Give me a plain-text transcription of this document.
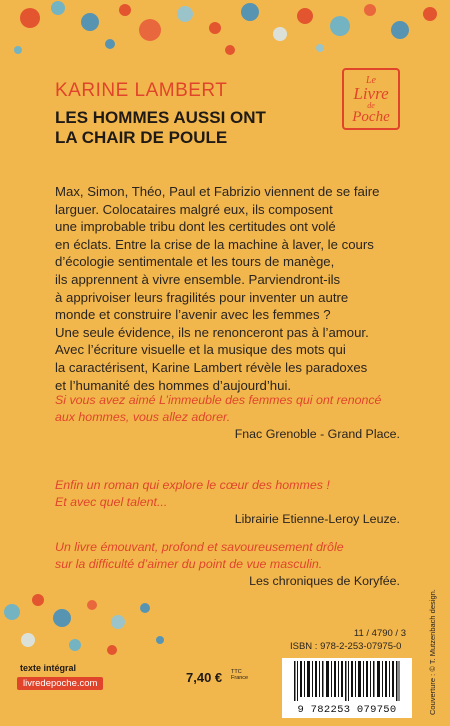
KARINE LAMBERT
LES HOMMES AUSSI ONT
LA CHAIR DE POULE
Le
Livre
de
Poche
Max, Simon, Théo, Paul et Fabrizio viennent de se faire
larguer. Colocataires malgré eux, ils composent
une improbable tribu dont les certitudes ont volé
en éclats. Entre la crise de la machine à laver, le cours
d’écologie sentimentale et les tours de manège,
ils apprennent à vivre ensemble. Parviendront-ils
à apprivoiser leurs fragilités pour inventer un autre
monde et construire l’avenir avec les femmes ?
Une seule évidence, ils ne renonceront pas à l’amour.
Avec l’écriture visuelle et la musique des mots qui
la caractérisent, Karine Lambert révèle les paradoxes
et l’humanité des hommes d’aujourd’hui.
Si vous avez aimé L’immeuble des femmes qui ont renoncé
aux hommes, vous allez adorer.
Fnac Grenoble - Grand Place.
Enfin un roman qui explore le cœur des hommes !
Et avec quel talent...
Librairie Etienne-Leroy Leuze.
Un livre émouvant, profond et savoureusement drôle
sur la difficulté d’aimer du point de vue masculin.
Les chroniques de Koryfée.
11 / 4790 / 3
ISBN : 978-2-253-07975-0
9 782253 079750
texte intégral
livredepoche.com	7,40 € TTC
France	Couverture : © T. Mutzenbach design.
